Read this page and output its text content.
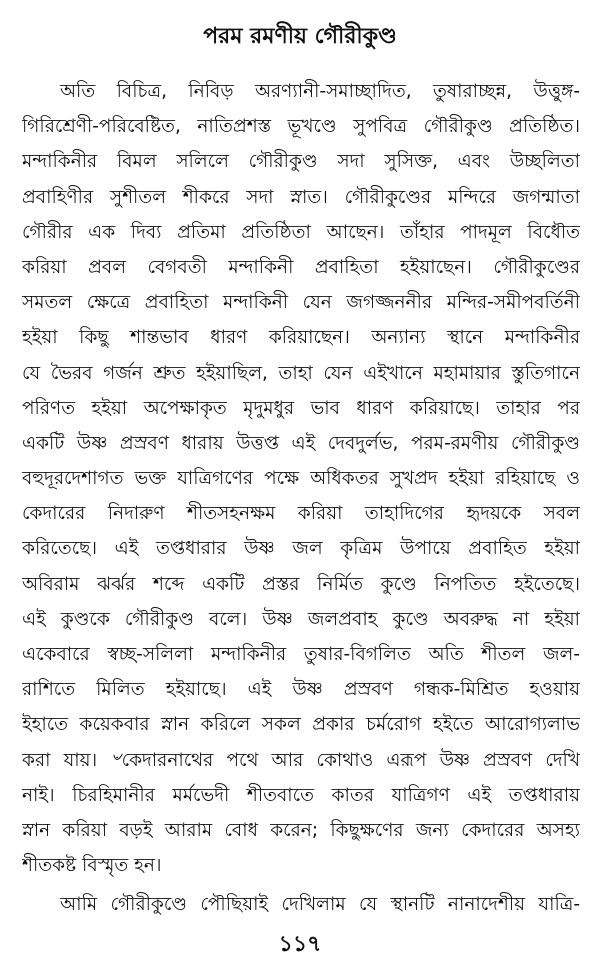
পরম রমণীয় গৌরীকুণ্ড
অতি বিচিত্র, নিবিড় অরণ্যানী-সমাচ্ছাদিত, তুষারাচ্ছন্ন, উত্তুঙ্গ-
গিরিশ্রেণী-পরিবেষ্টিত, নাতিপ্রশস্ত ভূখণ্ডে সুপবিত্র গৌরীকুণ্ড প্রতিষ্ঠিত।
মন্দাকিনীর বিমল সলিলে গৌরীকুণ্ড সদা সুসিক্ত, এবং উচ্ছলিতা
প্রবাহিণীর সুশীতল শীকরে সদা স্নাত। গৌরীকুণ্ডের মন্দিরে জগন্মাতা
গৌরীর এক দিব্য প্রতিমা প্রতিষ্ঠিতা আছেন। তাঁহার পাদমূল বিধৌত
করিয়া প্রবল বেগবতী মন্দাকিনী প্রবাহিতা হইয়াছেন। গৌরীকুণ্ডের
সমতল ক্ষেত্রে প্রবাহিতা মন্দাকিনী যেন জগজ্জননীর মন্দির-সমীপবর্তিনী
হইয়া কিছু শান্তভাব ধারণ করিয়াছেন। অন্যান্য স্থানে মন্দাকিনীর
যে ভৈরব গর্জন শ্রুত হইয়াছিল, তাহা যেন এইখানে মহামায়ার স্তুতিগানে
পরিণত হইয়া অপেক্ষাকৃত মৃদুমধুর ভাব ধারণ করিয়াছে। তাহার পর
একটি উষ্ণ প্রস্রবণ ধারায় উত্তপ্ত এই দেবদুর্লভ, পরম-রমণীয় গৌরীকুণ্ড
বহুদূরদেশাগত ভক্ত যাত্রিগণের পক্ষে অধিকতর সুখপ্রদ হইয়া রহিয়াছে ও
কেদারের নিদারুণ শীতসহনক্ষম করিয়া তাহাদিগের হৃদয়কে সবল
করিতেছে। এই তপ্তধারার উষ্ণ জল কৃত্রিম উপায়ে প্রবাহিত হইয়া
অবিরাম ঝর্ঝর শব্দে একটি প্রস্তর নির্মিত কুণ্ডে নিপতিত হইতেছে।
এই কুণ্ডকে গৌরীকুণ্ড বলে। উষ্ণ জলপ্রবাহ কুণ্ডে অবরুদ্ধ না হইয়া
একেবারে স্বচ্ছ-সলিলা মন্দাকিনীর তুষার-বিগলিত অতি শীতল জল-
রাশিতে মিলিত হইয়াছে। এই উষ্ণ প্রস্রবণ গন্ধক-মিশ্রিত হওয়ায়
ইহাতে কয়েকবার স্নান করিলে সকল প্রকার চর্মরোগ হইতে আরোগ্যলাভ
করা যায়। ৺কেদারনাথের পথে আর কোথাও এরূপ উষ্ণ প্রস্রবণ দেখি
নাই। চিরহিমানীর মর্মভেদী শীতবাতে কাতর যাত্রিগণ এই তপ্তধারায়
স্নান করিয়া বড়ই আরাম বোধ করেন; কিছুক্ষণের জন্য কেদারের অসহ্য
শীতকষ্ট বিস্মৃত হন।
আমি গৌরীকুণ্ডে পৌছিয়াই দেখিলাম যে স্থানটি নানাদেশীয় যাত্রি-
১১৭
